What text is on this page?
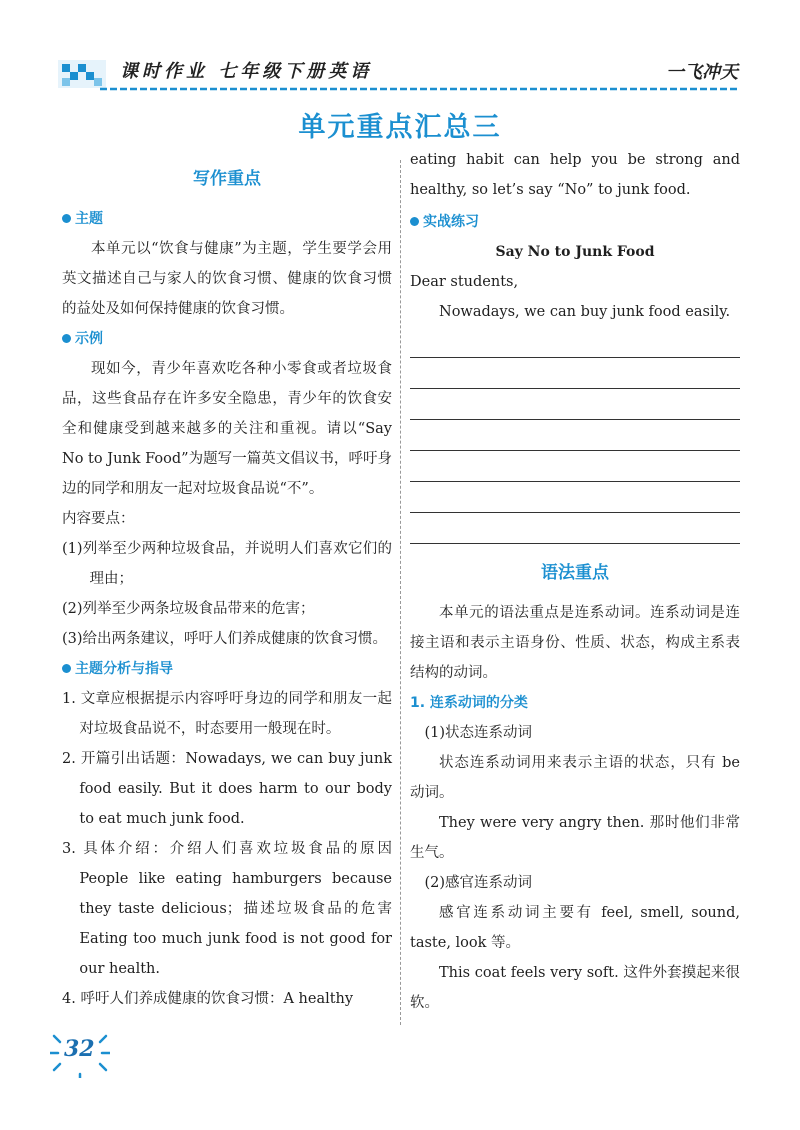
课时作业 七年级下册英语	一飞冲天
单元重点汇总三

写作重点

主题

本单元以“饮食与健康”为主题，学生要学会用英文描述自己与家人的饮食习惯、健康的饮食习惯的益处及如何保持健康的饮食习惯。

示例

现如今，青少年喜欢吃各种小零食或者垃圾食品，这些食品存在许多安全隐患，青少年的饮食安全和健康受到越来越多的关注和重视。请以“Say No to Junk Food”为题写一篇英文倡议书，呼吁身边的同学和朋友一起对垃圾食品说“不”。

内容要点：

(1)列举至少两种垃圾食品，并说明人们喜欢它们的理由；

(2)列举至少两条垃圾食品带来的危害；

(3)给出两条建议，呼吁人们养成健康的饮食习惯。

主题分析与指导

1. 文章应根据提示内容呼吁身边的同学和朋友一起对垃圾食品说不，时态要用一般现在时。

2. 开篇引出话题：Nowadays, we can buy junk food easily. But it does harm to our body to eat much junk food.

3. 具体介绍：介绍人们喜欢垃圾食品的原因 People like eating hamburgers because they taste delicious；描述垃圾食品的危害 Eating too much junk food is not good for our health.

4. 呼吁人们养成健康的饮食习惯：A healthy

eating habit can help you be strong and healthy, so let’s say “No” to junk food.

实战练习

Say No to Junk Food

Dear students,

Nowadays, we can buy junk food easily.

语法重点

本单元的语法重点是连系动词。连系动词是连接主语和表示主语身份、性质、状态，构成主系表结构的动词。

1. 连系动词的分类

(1)状态连系动词

状态连系动词用来表示主语的状态，只有 be 动词。

They were very angry then. 那时他们非常生气。

(2)感官连系动词

感官连系动词主要有 feel, smell, sound, taste, look 等。

This coat feels very soft. 这件外套摸起来很软。

32
